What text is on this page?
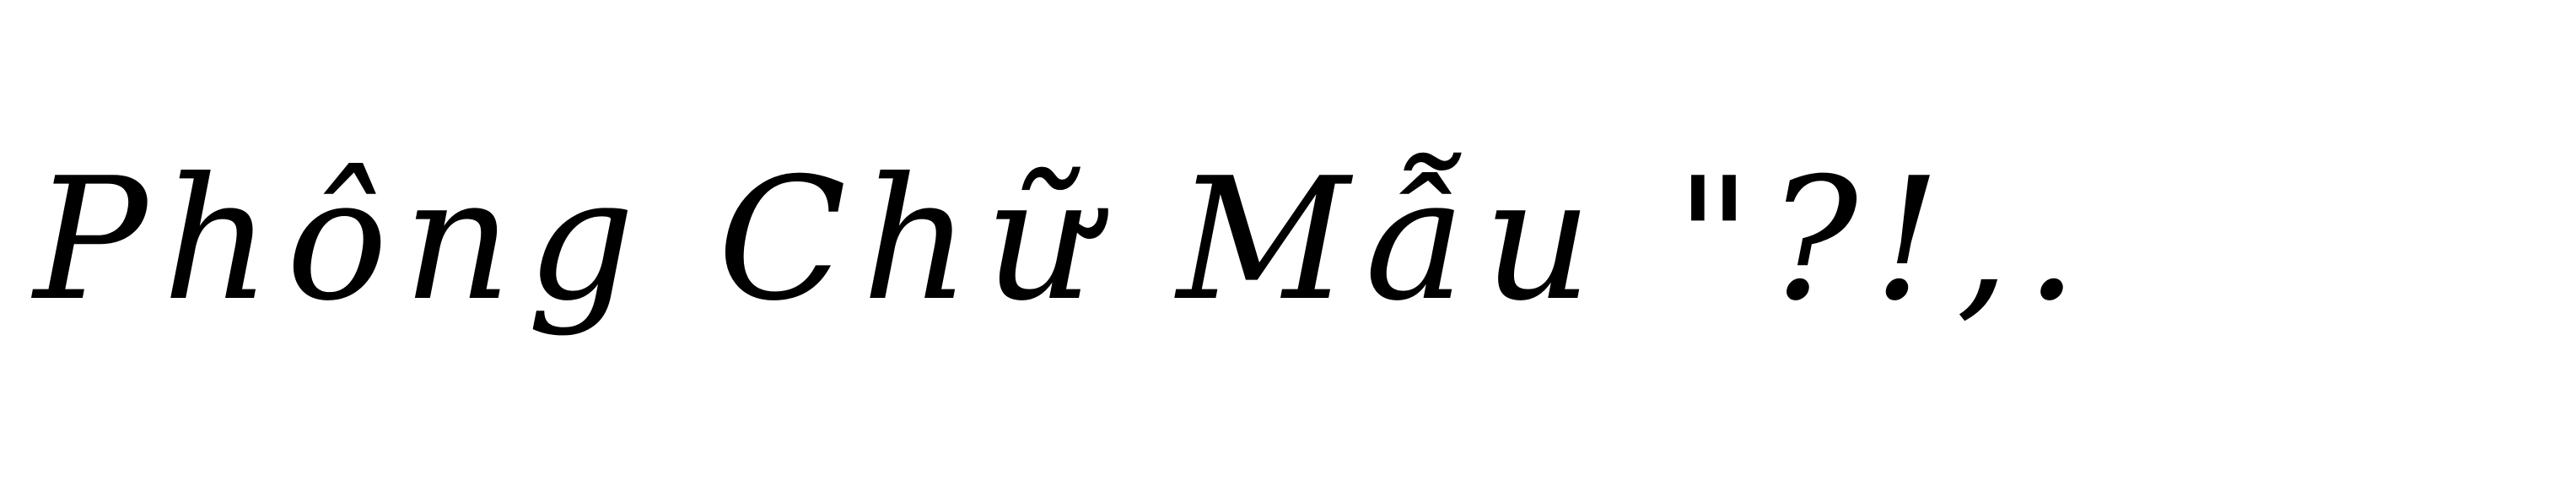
Phông Chữ Mẫu "?!,.
